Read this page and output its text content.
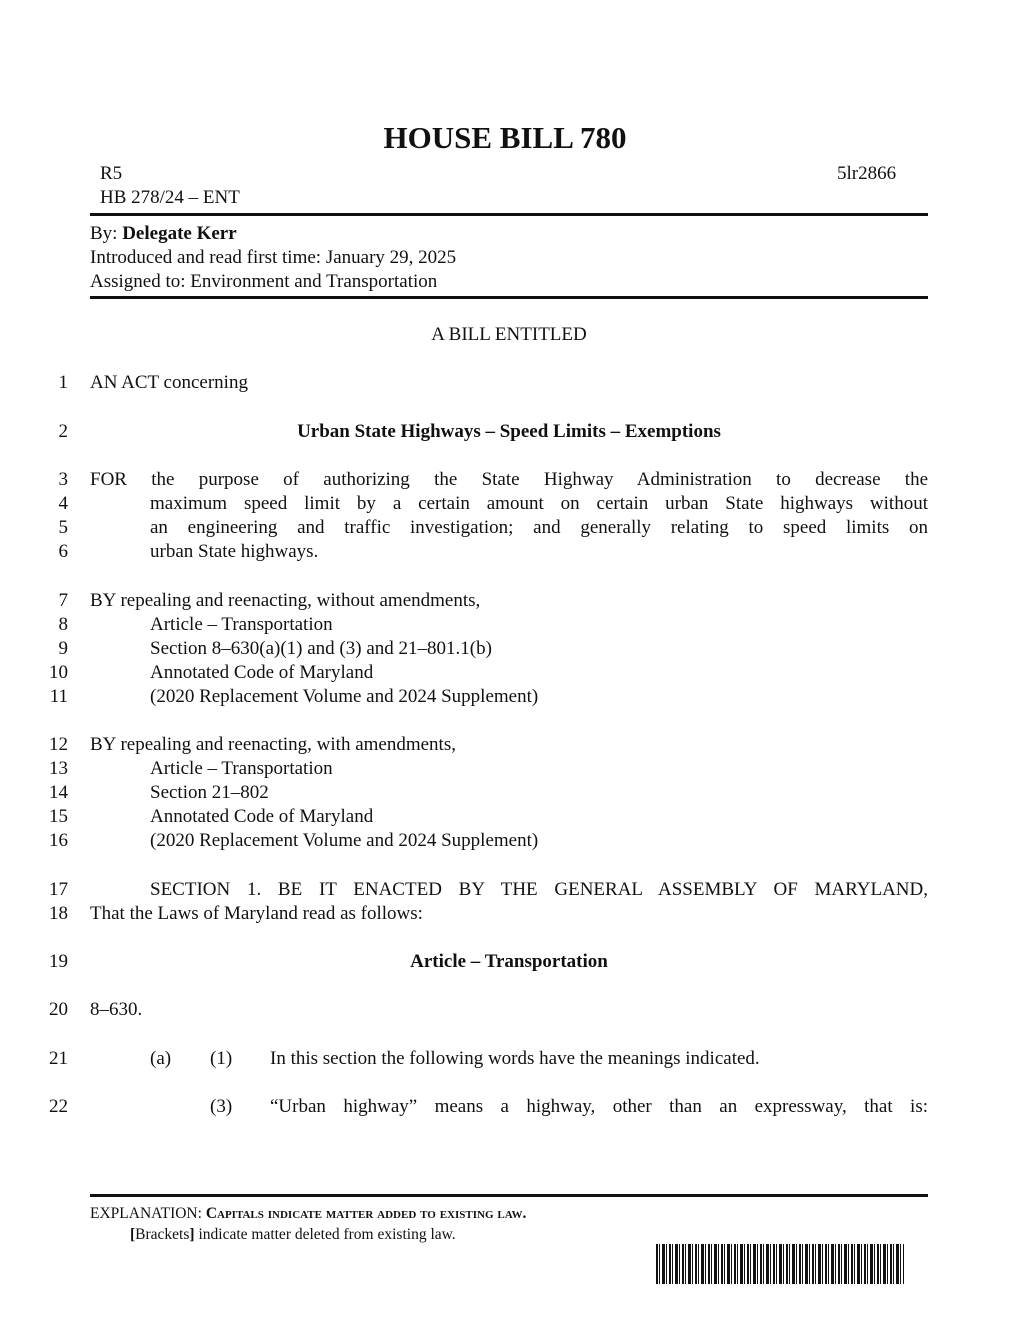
HOUSE BILL 780
R5	5lr2866
HB 278/24 – ENT
By: Delegate Kerr
Introduced and read first time: January 29, 2025
Assigned to: Environment and Transportation
A BILL ENTITLED
1 AN ACT concerning
2	Urban State Highways – Speed Limits – Exemptions
3 FOR the purpose of authorizing the State Highway Administration to decrease the
4	maximum speed limit by a certain amount on certain urban State highways without
5	an engineering and traffic investigation; and generally relating to speed limits on
6	urban State highways.
7 BY repealing and reenacting, without amendments,
8	Article – Transportation
9	Section 8–630(a)(1) and (3) and 21–801.1(b)
10	Annotated Code of Maryland
11	(2020 Replacement Volume and 2024 Supplement)
12 BY repealing and reenacting, with amendments,
13	Article – Transportation
14	Section 21–802
15	Annotated Code of Maryland
16	(2020 Replacement Volume and 2024 Supplement)
17	SECTION 1. BE IT ENACTED BY THE GENERAL ASSEMBLY OF MARYLAND,
18 That the Laws of Maryland read as follows:
19	Article – Transportation
20 8–630.
21	(a) (1) In this section the following words have the meanings indicated.
22	(3) “Urban highway” means a highway, other than an expressway, that is:
EXPLANATION: Capitals indicate matter added to existing law.
[Brackets] indicate matter deleted from existing law.
